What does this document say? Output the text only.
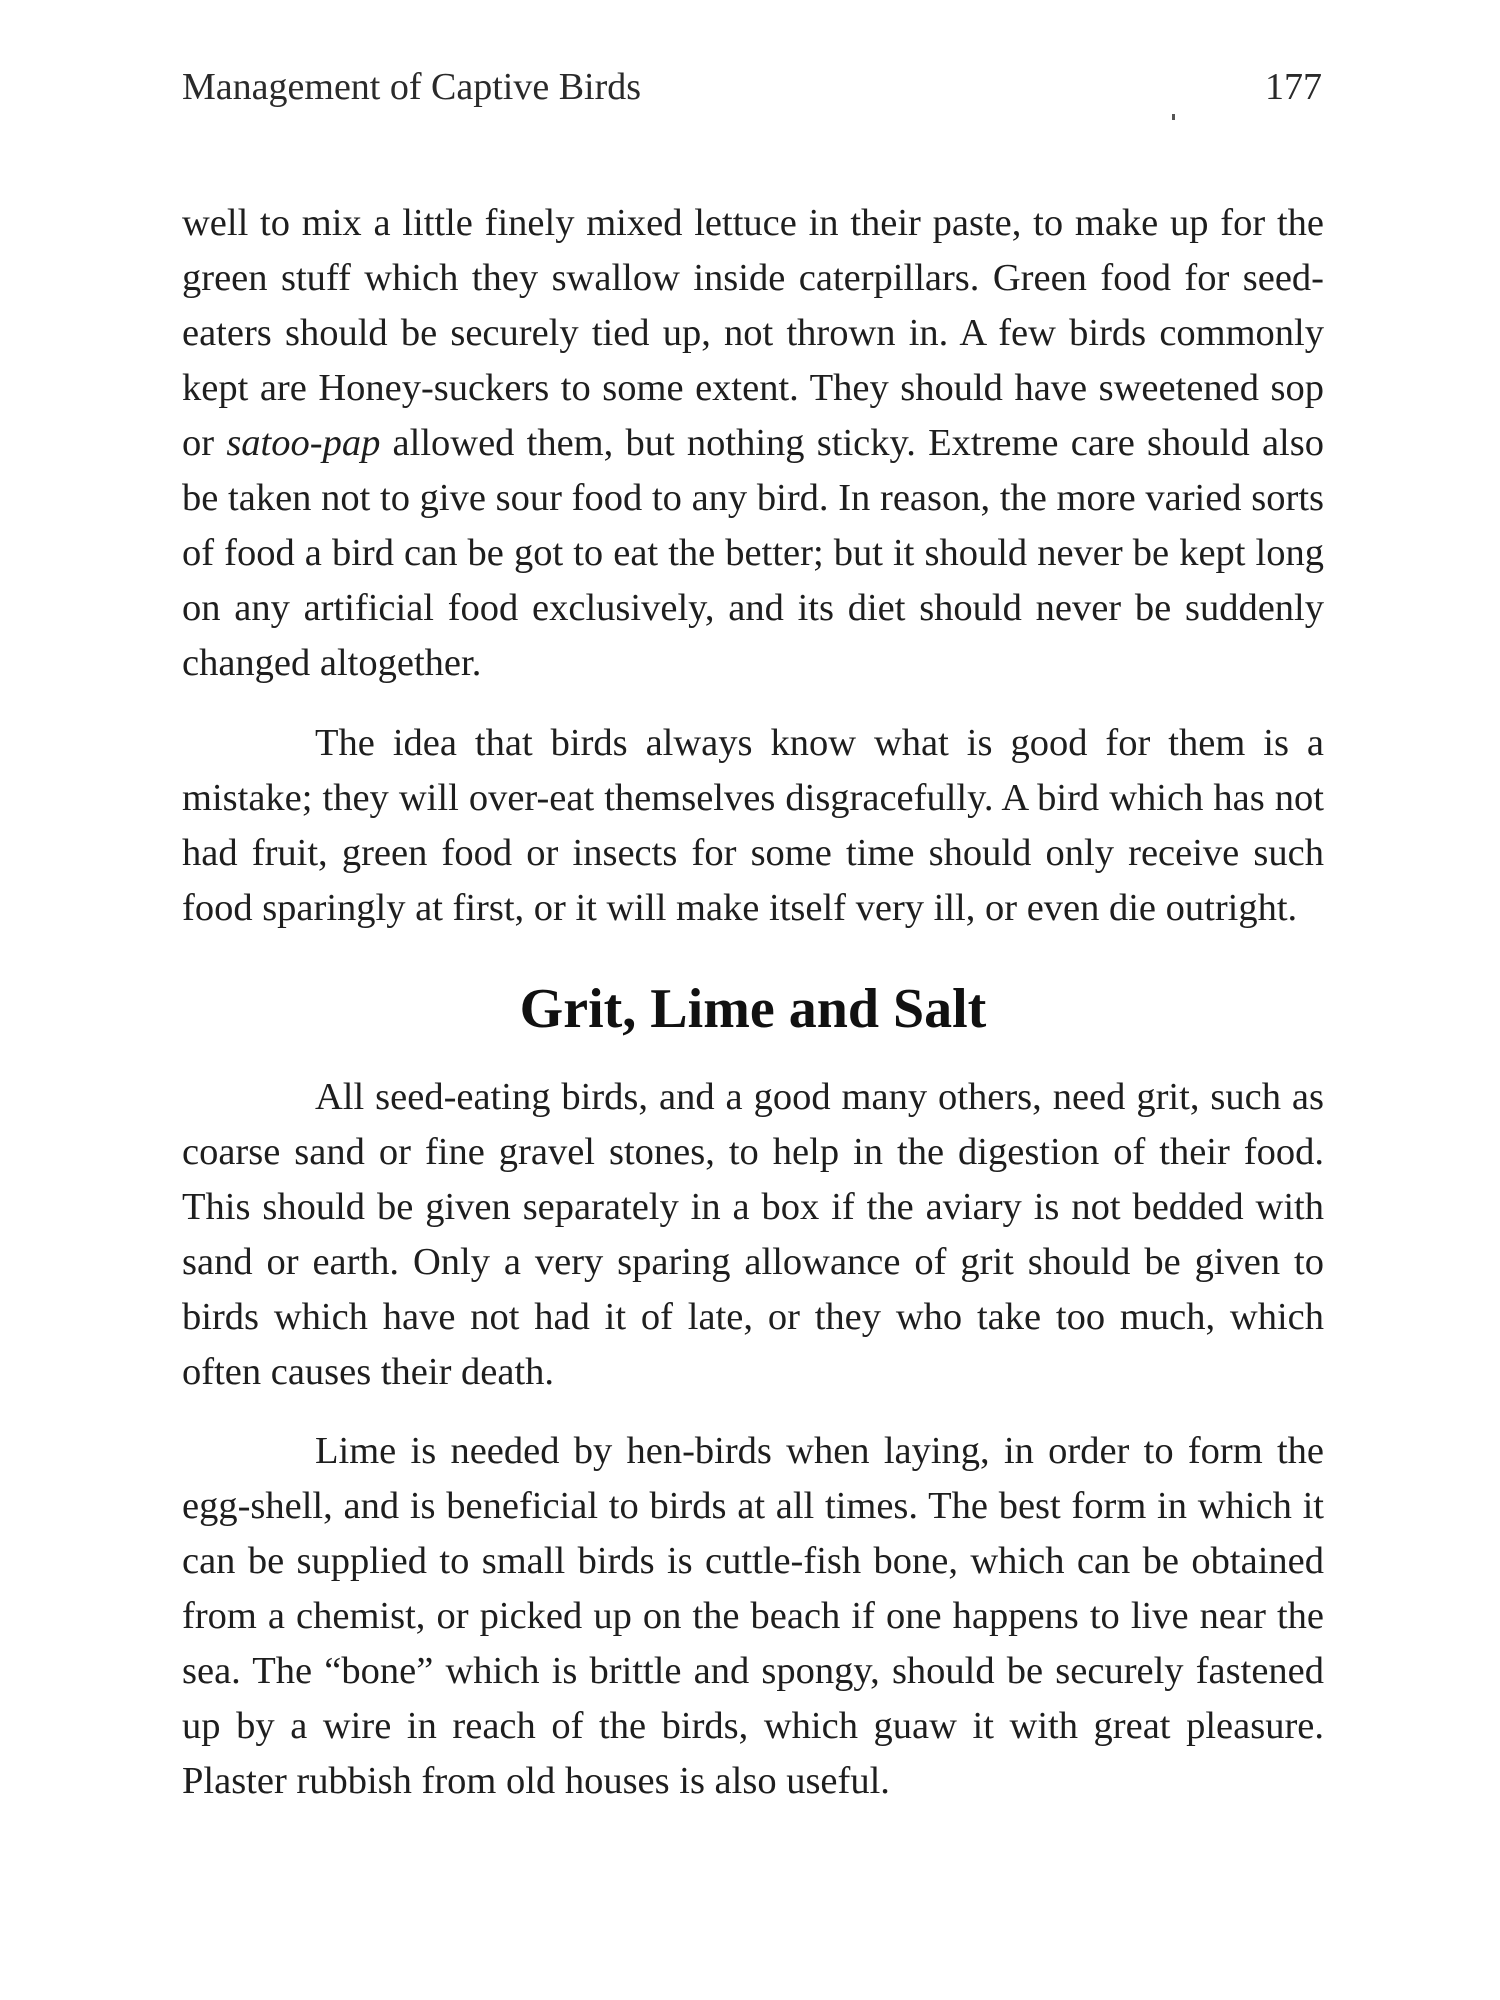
Management of Captive Birds	177

well to mix a little finely mixed lettuce in their paste, to make up for the green stuff which they swallow inside caterpillars. Green food for seed-eaters should be securely tied up, not thrown in. A few birds commonly kept are Honey-suckers to some extent. They should have sweetened sop or satoo-pap allowed them, but nothing sticky. Extreme care should also be taken not to give sour food to any bird. In reason, the more varied sorts of food a bird can be got to eat the better; but it should never be kept long on any artificial food exclusively, and its diet should never be suddenly changed altogether.

The idea that birds always know what is good for them is a mistake; they will over-eat themselves disgracefully. A bird which has not had fruit, green food or insects for some time should only receive such food sparingly at first, or it will make itself very ill, or even die outright.

Grit, Lime and Salt

All seed-eating birds, and a good many others, need grit, such as coarse sand or fine gravel stones, to help in the digestion of their food. This should be given separately in a box if the aviary is not bedded with sand or earth. Only a very sparing allowance of grit should be given to birds which have not had it of late, or they who take too much, which often causes their death.

Lime is needed by hen-birds when laying, in order to form the egg-shell, and is beneficial to birds at all times. The best form in which it can be supplied to small birds is cuttle-fish bone, which can be obtained from a chemist, or picked up on the beach if one happens to live near the sea. The “bone” which is brittle and spongy, should be securely fastened up by a wire in reach of the birds, which guaw it with great pleasure. Plaster rubbish from old houses is also useful.
